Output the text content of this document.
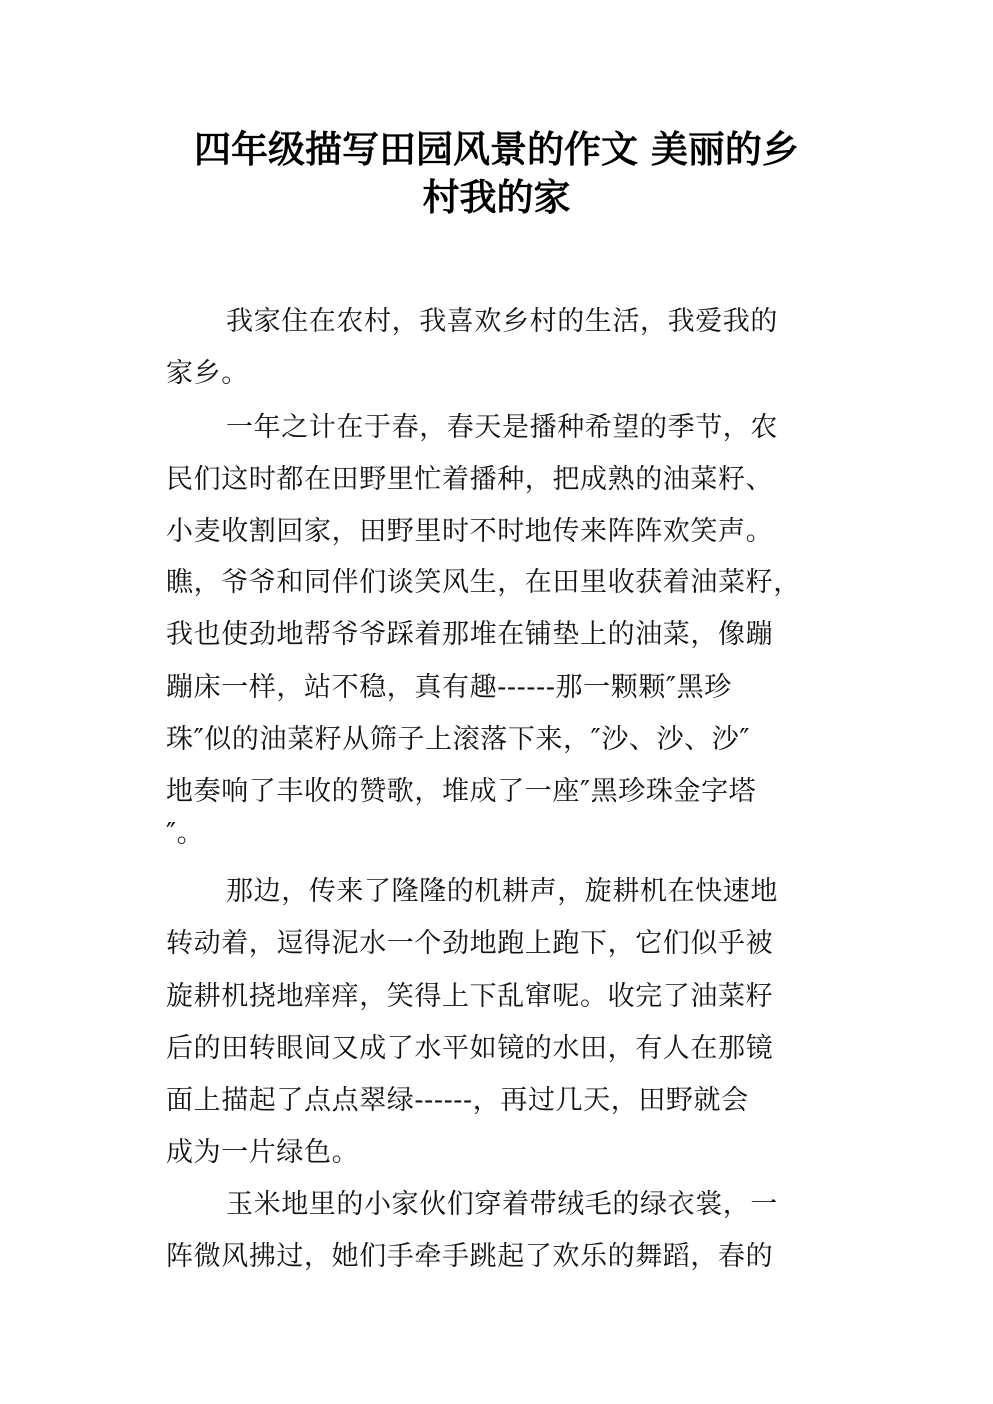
四年级描写田园风景的作文 美丽的乡
村我的家
我家住在农村，我喜欢乡村的生活，我爱我的
家乡。
一年之计在于春，春天是播种希望的季节，农
民们这时都在田野里忙着播种，把成熟的油菜籽、
小麦收割回家，田野里时不时地传来阵阵欢笑声。
瞧，爷爷和同伴们谈笑风生，在田里收获着油菜籽，
我也使劲地帮爷爷踩着那堆在铺垫上的油菜，像蹦
蹦床一样，站不稳，真有趣------那一颗颗″黑珍
珠″似的油菜籽从筛子上滚落下来，″沙、沙、沙″
地奏响了丰收的赞歌，堆成了一座″黑珍珠金字塔
″。
那边，传来了隆隆的机耕声，旋耕机在快速地
转动着，逗得泥水一个劲地跑上跑下，它们似乎被
旋耕机挠地痒痒，笑得上下乱窜呢。收完了油菜籽
后的田转眼间又成了水平如镜的水田，有人在那镜
面上描起了点点翠绿------，再过几天，田野就会
成为一片绿色。
玉米地里的小家伙们穿着带绒毛的绿衣裳，一
阵微风拂过，她们手牵手跳起了欢乐的舞蹈，春的
